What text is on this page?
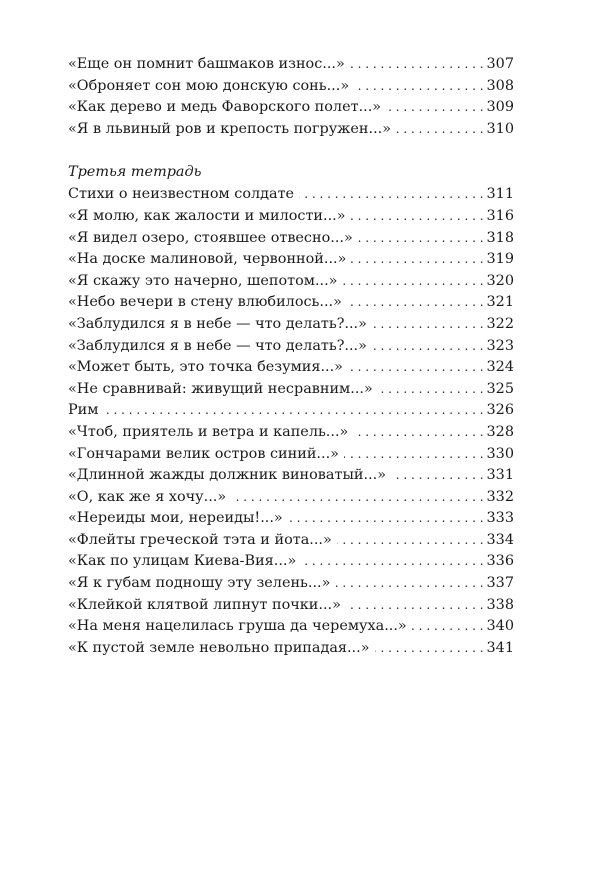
«Еще он помнит башмаков износ...» . . .	307
«Оброняет сон мою донскую сонь...» . . .	308
«Как дерево и медь Фаворского полет...» . . .	309
«Я в львиный ров и крепость погружен...» . . .	310
Третья тетрадь
Стихи о неизвестном солдате . . .	311
«Я молю, как жалости и милости...» . . .	316
«Я видел озеро, стоявшее отвесно...» . . .	318
«На доске малиновой, червонной...» . . .	319
«Я скажу это начерно, шепотом...» . . .	320
«Небо вечери в стену влюбилось...» . . .	321
«Заблудился я в небе — что делать?...» . . .	322
«Заблудился я в небе — что делать?...» . . .	323
«Может быть, это точка безумия...» . . .	324
«Не сравнивай: живущий несравним...» . . .	325
Рим . . .	326
«Чтоб, приятель и ветра и капель...» . . .	328
«Гончарами велик остров синий...» . . .	330
«Длинной жажды должник виноватый...» . . .	331
«О, как же я хочу...» . . .	332
«Нереиды мои, нереиды!...» . . .	333
«Флейты греческой тэта и йота...» . . .	334
«Как по улицам Киева-Вия...» . . .	336
«Я к губам подношу эту зелень...» . . .	337
«Клейкой клятвой липнут почки...» . . .	338
«На меня нацелилась груша да черемуха...» . . .	340
«К пустой земле невольно припадая...» . . .	341
